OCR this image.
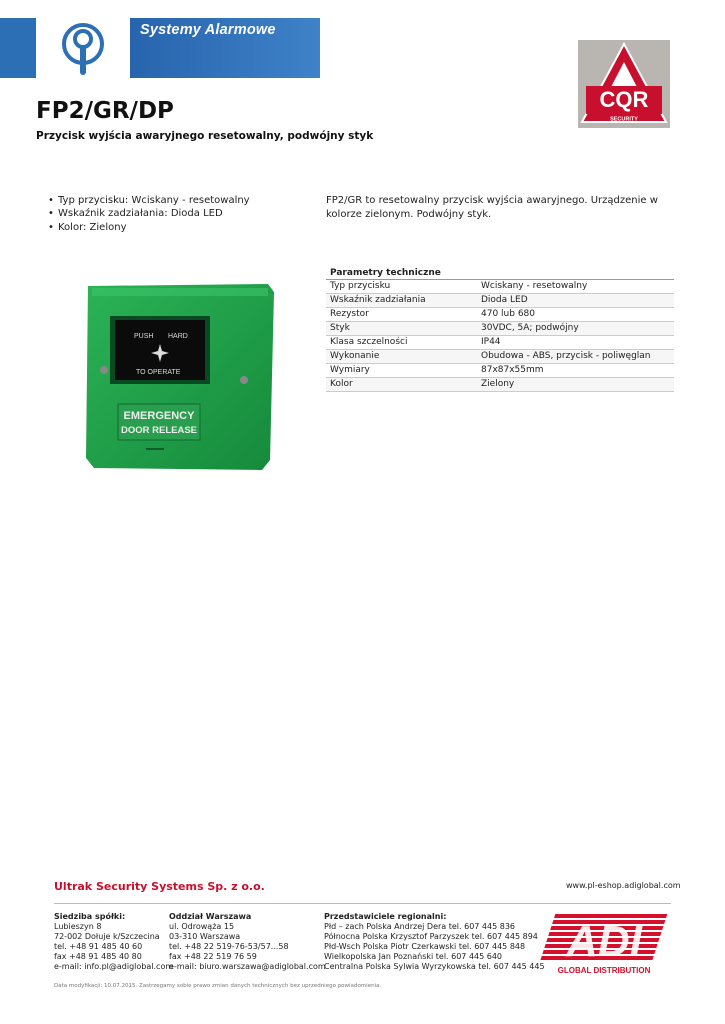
Systemy Alarmowe
CQR
SECURITY
FP2/GR/DP
Przycisk wyjścia awaryjnego resetowalny, podwójny styk
• Typ przycisku: Wciskany - resetowalny
• Wskaźnik zadziałania: Dioda LED
• Kolor: Zielony
FP2/GR to resetowalny przycisk wyjścia awaryjnego. Urządzenie w kolorze zielonym. Podwójny styk.
PUSH HARD
TO OPERATE
EMERGENCY
DOOR RELEASE
Parametry techniczne
Typ przycisku	Wciskany - resetowalny
Wskaźnik zadziałania	Dioda LED
Rezystor	470 lub 680
Styk	30VDC, 5A; podwójny
Klasa szczelności	IP44
Wykonanie	Obudowa - ABS, przycisk - poliwęglan
Wymiary	87x87x55mm
Kolor	Zielony
Ultrak Security Systems Sp. z o.o.	www.pl-eshop.adiglobal.com
Siedziba spółki:
Lubieszyn 8
72-002 Dołuje k/Szczecina
tel. +48 91 485 40 60
fax +48 91 485 40 80
e-mail: info.pl@adiglobal.com
Oddział Warszawa
ul. Odrowąża 15
03-310 Warszawa
tel. +48 22 519-76-53/57...58
fax +48 22 519 76 59
e-mail: biuro.warszawa@adiglobal.com
Przedstawiciele regionalni:
Płd – zach Polska Andrzej Dera tel. 607 445 836
Północna Polska Krzysztof Parzyszek tel. 607 445 894
Płd-Wsch Polska Piotr Czerkawski tel. 607 445 848
Wielkopolska Jan Poznański tel. 607 445 640
Centralna Polska Sylwia Wyrzykowska tel. 607 445 445
ADI
GLOBAL DISTRIBUTION
Data modyfikacji: 10.07.2015. Zastrzegamy sobie prawo zmian danych technicznych bez uprzedniego powiadomienia.
